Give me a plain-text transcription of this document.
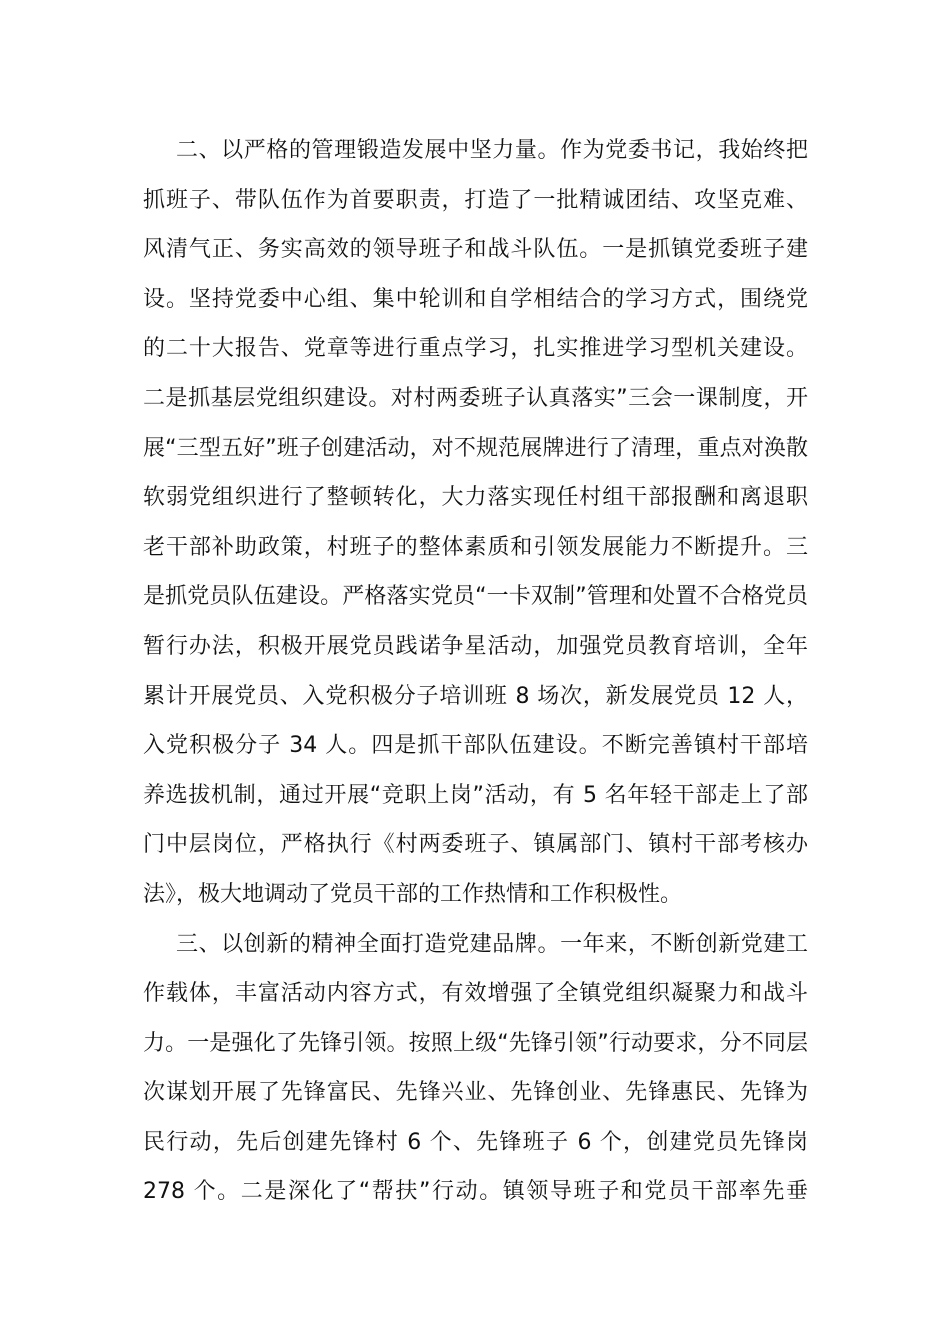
二、以严格的管理锻造发展中坚力量。作为党委书记，我始终把
抓班子、带队伍作为首要职责，打造了一批精诚团结、攻坚克难、
风清气正、务实高效的领导班子和战斗队伍。一是抓镇党委班子建
设。坚持党委中心组、集中轮训和自学相结合的学习方式，围绕党
的二十大报告、党章等进行重点学习，扎实推进学习型机关建设。
二是抓基层党组织建设。对村两委班子认真落实”三会一课制度，开
展“三型五好”班子创建活动，对不规范展牌进行了清理，重点对涣散
软弱党组织进行了整顿转化，大力落实现任村组干部报酬和离退职
老干部补助政策，村班子的整体素质和引领发展能力不断提升。三
是抓党员队伍建设。严格落实党员“一卡双制”管理和处置不合格党员
暂行办法，积极开展党员践诺争星活动，加强党员教育培训，全年
累计开展党员、入党积极分子培训班 8 场次，新发展党员 12 人，
入党积极分子 34 人。四是抓干部队伍建设。不断完善镇村干部培
养选拔机制，通过开展“竞职上岗”活动，有 5 名年轻干部走上了部
门中层岗位，严格执行《村两委班子、镇属部门、镇村干部考核办
法》，极大地调动了党员干部的工作热情和工作积极性。
三、以创新的精神全面打造党建品牌。一年来，不断创新党建工
作载体，丰富活动内容方式，有效增强了全镇党组织凝聚力和战斗
力。一是强化了先锋引领。按照上级“先锋引领”行动要求，分不同层
次谋划开展了先锋富民、先锋兴业、先锋创业、先锋惠民、先锋为
民行动，先后创建先锋村 6 个、先锋班子 6 个，创建党员先锋岗
278 个。二是深化了“帮扶”行动。镇领导班子和党员干部率先垂
